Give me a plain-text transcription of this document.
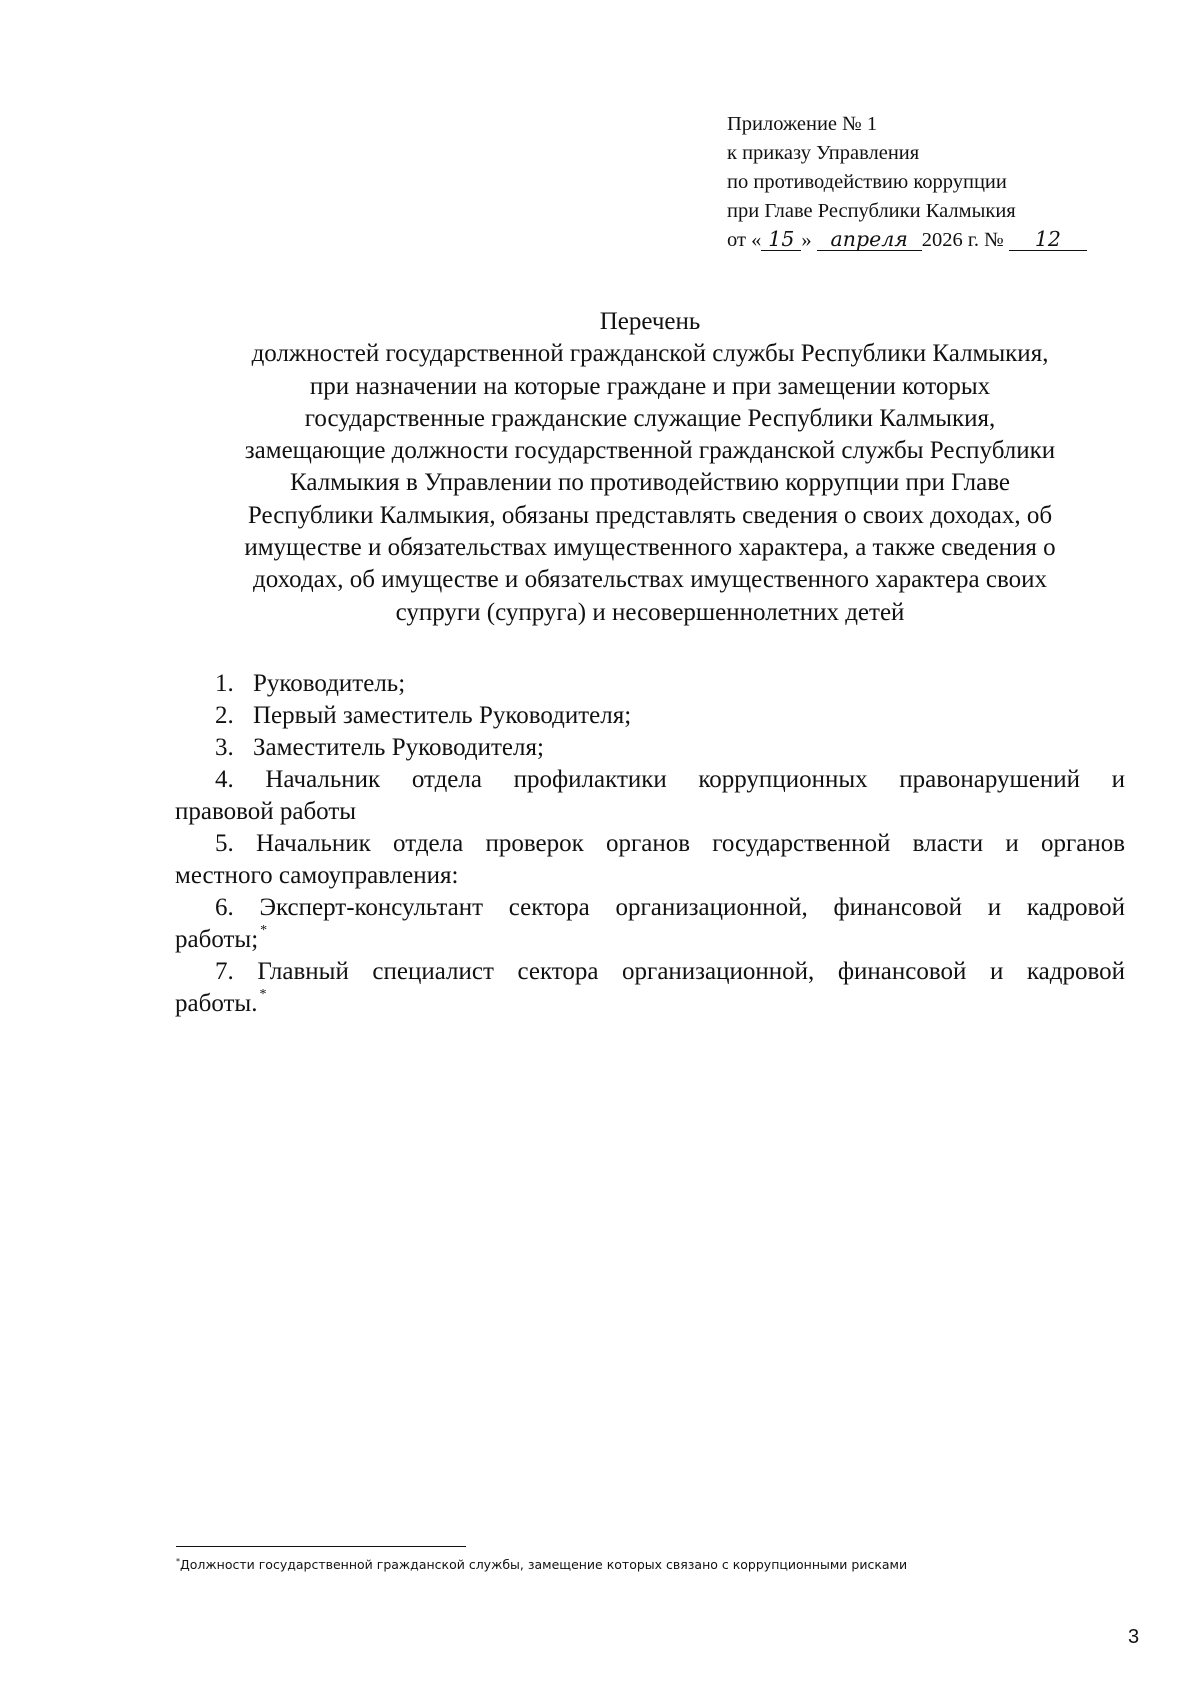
Приложение № 1
к приказу Управления
по противодействию коррупции
при Главе Республики Калмыкия
от « 15 » апреля 2026 г. № 12
Перечень
должностей государственной гражданской службы Республики Калмыкия,
при назначении на которые граждане и при замещении которых
государственные гражданские служащие Республики Калмыкия,
замещающие должности государственной гражданской службы Республики
Калмыкия в Управлении по противодействию коррупции при Главе
Республики Калмыкия, обязаны представлять сведения о своих доходах, об
имуществе и обязательствах имущественного характера, а также сведения о
доходах, об имуществе и обязательствах имущественного характера своих
супруги (супруга) и несовершеннолетних детей
1. Руководитель;
2. Первый заместитель Руководителя;
3. Заместитель Руководителя;
4. Начальник отдела профилактики коррупционных правонарушений и
правовой работы
5. Начальник отдела проверок органов государственной власти и органов
местного самоуправления:
6. Эксперт-консультант сектора организационной, финансовой и кадровой
работы; *
7. Главный специалист сектора организационной, финансовой и кадровой
работы. *
*Должности государственной гражданской службы, замещение которых связано с коррупционными рисками
3
